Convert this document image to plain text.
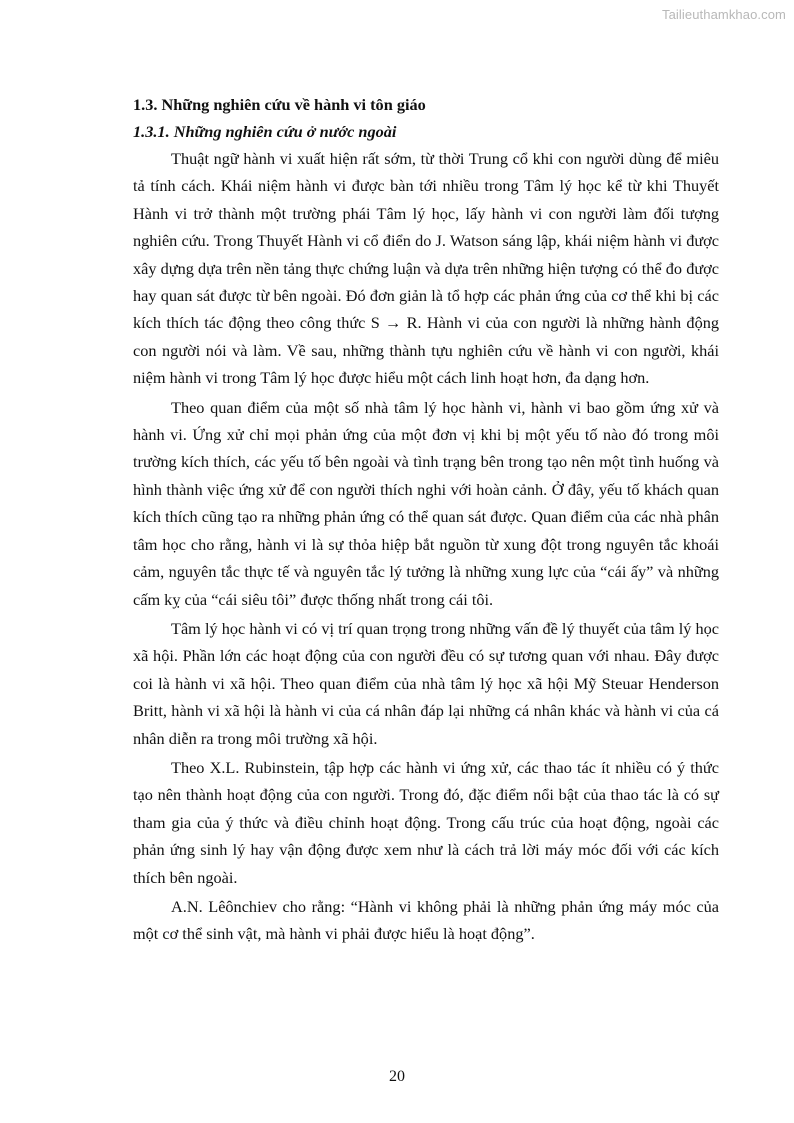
Tailieuthamkhao.com
1.3. Những nghiên cứu về hành vi tôn giáo
1.3.1. Những nghiên cứu ở nước ngoài

Thuật ngữ hành vi xuất hiện rất sớm, từ thời Trung cổ khi con người dùng để miêu tả tính cách. Khái niệm hành vi được bàn tới nhiều trong Tâm lý học kể từ khi Thuyết Hành vi trở thành một trường phái Tâm lý học, lấy hành vi con người làm đối tượng nghiên cứu. Trong Thuyết Hành vi cổ điển do J. Watson sáng lập, khái niệm hành vi được xây dựng dựa trên nền tảng thực chứng luận và dựa trên những hiện tượng có thể đo được hay quan sát được từ bên ngoài. Đó đơn giản là tổ hợp các phản ứng của cơ thể khi bị các kích thích tác động theo công thức S → R. Hành vi của con người là những hành động con người nói và làm. Về sau, những thành tựu nghiên cứu về hành vi con người, khái niệm hành vi trong Tâm lý học được hiểu một cách linh hoạt hơn, đa dạng hơn.

Theo quan điểm của một số nhà tâm lý học hành vi, hành vi bao gồm ứng xử và hành vi. Ứng xử chỉ mọi phản ứng của một đơn vị khi bị một yếu tố nào đó trong môi trường kích thích, các yếu tố bên ngoài và tình trạng bên trong tạo nên một tình huống và hình thành việc ứng xử để con người thích nghi với hoàn cảnh. Ở đây, yếu tố khách quan kích thích cũng tạo ra những phản ứng có thể quan sát được. Quan điểm của các nhà phân tâm học cho rằng, hành vi là sự thỏa hiệp bắt nguồn từ xung đột trong nguyên tắc khoái cảm, nguyên tắc thực tế và nguyên tắc lý tưởng là những xung lực của “cái ấy” và những cấm kỵ của “cái siêu tôi” được thống nhất trong cái tôi.

Tâm lý học hành vi có vị trí quan trọng trong những vấn đề lý thuyết của tâm lý học xã hội. Phần lớn các hoạt động của con người đều có sự tương quan với nhau. Đây được coi là hành vi xã hội. Theo quan điểm của nhà tâm lý học xã hội Mỹ Steuar Henderson Britt, hành vi xã hội là hành vi của cá nhân đáp lại những cá nhân khác và hành vi của cá nhân diễn ra trong môi trường xã hội.

Theo X.L. Rubinstein, tập hợp các hành vi ứng xử, các thao tác ít nhiều có ý thức tạo nên thành hoạt động của con người. Trong đó, đặc điểm nổi bật của thao tác là có sự tham gia của ý thức và điều chỉnh hoạt động. Trong cấu trúc của hoạt động, ngoài các phản ứng sinh lý hay vận động được xem như là cách trả lời máy móc đối với các kích thích bên ngoài.

A.N. Lêônchiev cho rằng: “Hành vi không phải là những phản ứng máy móc của một cơ thể sinh vật, mà hành vi phải được hiểu là hoạt động”.

20
